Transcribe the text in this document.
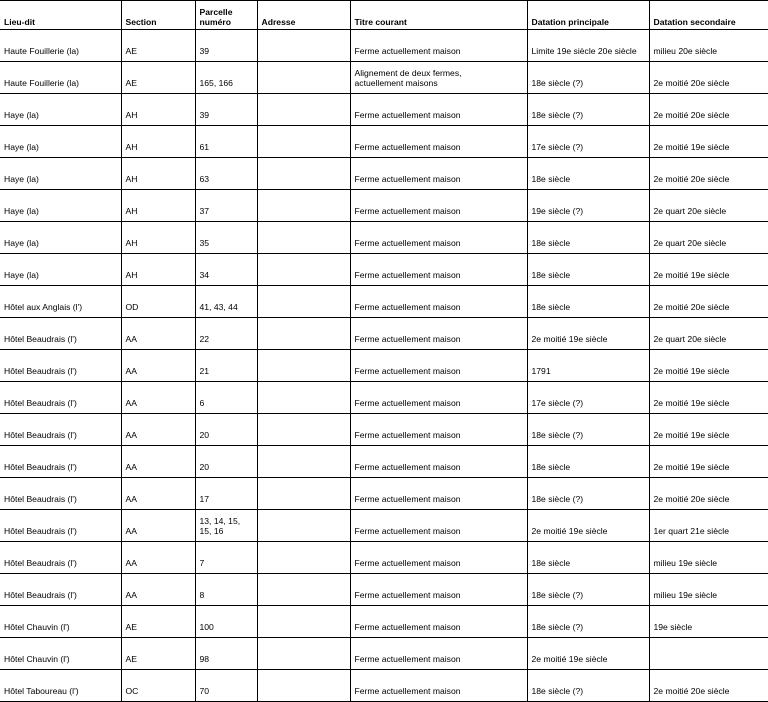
Lieu-dit	Section	Parcelle numéro	Adresse	Titre courant	Datation principale	Datation secondaire
Haute Fouillerie (la)	AE	39		Ferme actuellement maison	Limite 19e siècle 20e siècle	milieu 20e siècle
Haute Fouillerie (la)	AE	165, 166		Alignement de deux fermes, actuellement maisons	18e siècle (?)	2e moitié 20e siècle
Haye (la)	AH	39		Ferme actuellement maison	18e siècle (?)	2e moitié 20e siècle
Haye (la)	AH	61		Ferme actuellement maison	17e siècle (?)	2e moitié 19e siècle
Haye (la)	AH	63		Ferme actuellement maison	18e siècle	2e moitié 20e siècle
Haye (la)	AH	37		Ferme actuellement maison	19e siècle (?)	2e quart 20e siècle
Haye (la)	AH	35		Ferme actuellement maison	18e siècle	2e quart 20e siècle
Haye (la)	AH	34		Ferme actuellement maison	18e siècle	2e moitié 19e siècle
Hôtel aux Anglais (l')	OD	41, 43, 44		Ferme actuellement maison	18e siècle	2e moitié 20e siècle
Hôtel Beaudrais (l')	AA	22		Ferme actuellement maison	2e moitié 19e siècle	2e quart 20e siècle
Hôtel Beaudrais (l')	AA	21		Ferme actuellement maison	1791	2e moitié 19e siècle
Hôtel Beaudrais (l')	AA	6		Ferme actuellement maison	17e siècle (?)	2e moitié 19e siècle
Hôtel Beaudrais (l')	AA	20		Ferme actuellement maison	18e siècle (?)	2e moitié 19e siècle
Hôtel Beaudrais (l')	AA	20		Ferme actuellement maison	18e siècle	2e moitié 19e siècle
Hôtel Beaudrais (l')	AA	17		Ferme actuellement maison	18e siècle (?)	2e moitié 20e siècle
Hôtel Beaudrais (l')	AA	13, 14, 15, 15, 16		Ferme actuellement maison	2e moitié 19e siècle	1er quart 21e siècle
Hôtel Beaudrais (l')	AA	7		Ferme actuellement maison	18e siècle	milieu 19e siècle
Hôtel Beaudrais (l')	AA	8		Ferme actuellement maison	18e siècle (?)	milieu 19e siècle
Hôtel Chauvin (l')	AE	100		Ferme actuellement maison	18e siècle (?)	19e siècle
Hôtel Chauvin (l')	AE	98		Ferme actuellement maison	2e moitié 19e siècle	
Hôtel Taboureau (l')	OC	70		Ferme actuellement maison	18e siècle (?)	2e moitié 20e siècle
